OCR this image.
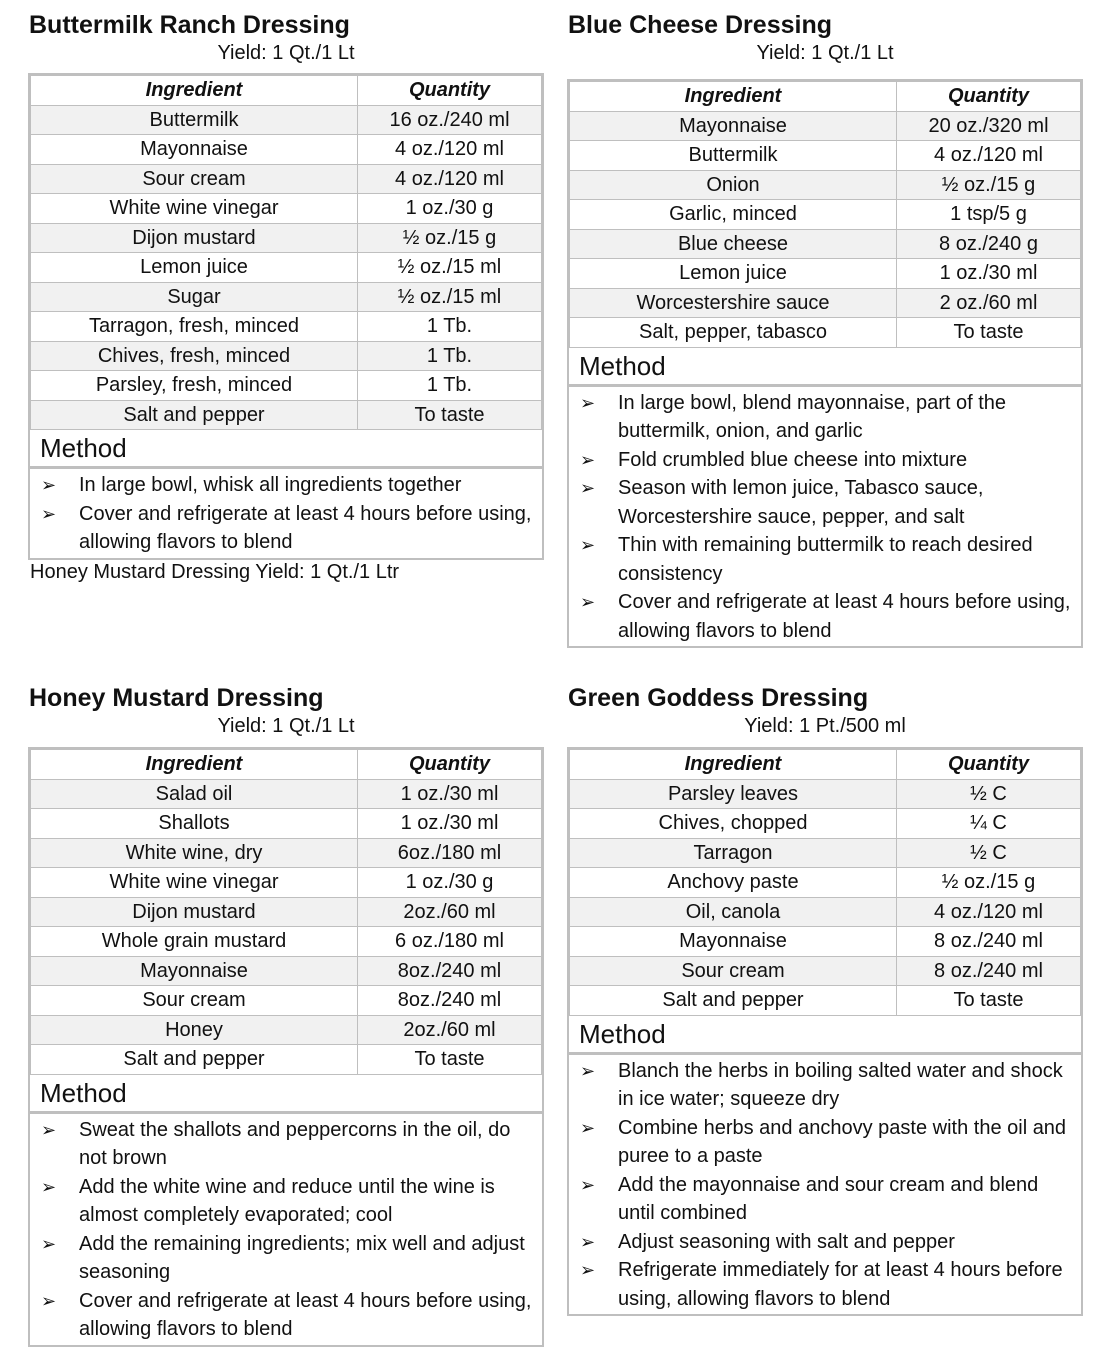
Buttermilk Ranch Dressing
Yield: 1 Qt./1 Lt
Ingredient	Quantity
Buttermilk	16 oz./240 ml
Mayonnaise	4 oz./120 ml
Sour cream	4 oz./120 ml
White wine vinegar	1 oz./30 g
Dijon mustard	½ oz./15 g
Lemon juice	½ oz./15 ml
Sugar	½ oz./15 ml
Tarragon, fresh, minced	1 Tb.
Chives, fresh, minced	1 Tb.
Parsley, fresh, minced	1 Tb.
Salt and pepper	To taste
Method
➢ In large bowl, whisk all ingredients together
➢ Cover and refrigerate at least 4 hours before using, allowing flavors to blend
Honey Mustard Dressing Yield: 1 Qt./1 Ltr
Blue Cheese Dressing
Yield: 1 Qt./1 Lt
Ingredient	Quantity
Mayonnaise	20 oz./320 ml
Buttermilk	4 oz./120 ml
Onion	½ oz./15 g
Garlic, minced	1 tsp/5 g
Blue cheese	8 oz./240 g
Lemon juice	1 oz./30 ml
Worcestershire sauce	2 oz./60 ml
Salt, pepper, tabasco	To taste
Method
➢ In large bowl, blend mayonnaise, part of the buttermilk, onion, and garlic
➢ Fold crumbled blue cheese into mixture
➢ Season with lemon juice, Tabasco sauce, Worcestershire sauce, pepper, and salt
➢ Thin with remaining buttermilk to reach desired consistency
➢ Cover and refrigerate at least 4 hours before using, allowing flavors to blend
Honey Mustard Dressing
Yield: 1 Qt./1 Lt
Ingredient	Quantity
Salad oil	1 oz./30 ml
Shallots	1 oz./30 ml
White wine, dry	6oz./180 ml
White wine vinegar	1 oz./30 g
Dijon mustard	2oz./60 ml
Whole grain mustard	6 oz./180 ml
Mayonnaise	8oz./240 ml
Sour cream	8oz./240 ml
Honey	2oz./60 ml
Salt and pepper	To taste
Method
➢ Sweat the shallots and peppercorns in the oil, do not brown
➢ Add the white wine and reduce until the wine is almost completely evaporated; cool
➢ Add the remaining ingredients; mix well and adjust seasoning
➢ Cover and refrigerate at least 4 hours before using, allowing flavors to blend
Green Goddess Dressing
Yield: 1 Pt./500 ml
Ingredient	Quantity
Parsley leaves	½ C
Chives, chopped	¼ C
Tarragon	½ C
Anchovy paste	½ oz./15 g
Oil, canola	4 oz./120 ml
Mayonnaise	8 oz./240 ml
Sour cream	8 oz./240 ml
Salt and pepper	To taste
Method
➢ Blanch the herbs in boiling salted water and shock in ice water; squeeze dry
➢ Combine herbs and anchovy paste with the oil and puree to a paste
➢ Add the mayonnaise and sour cream and blend until combined
➢ Adjust seasoning with salt and pepper
➢ Refrigerate immediately for at least 4 hours before using, allowing flavors to blend
